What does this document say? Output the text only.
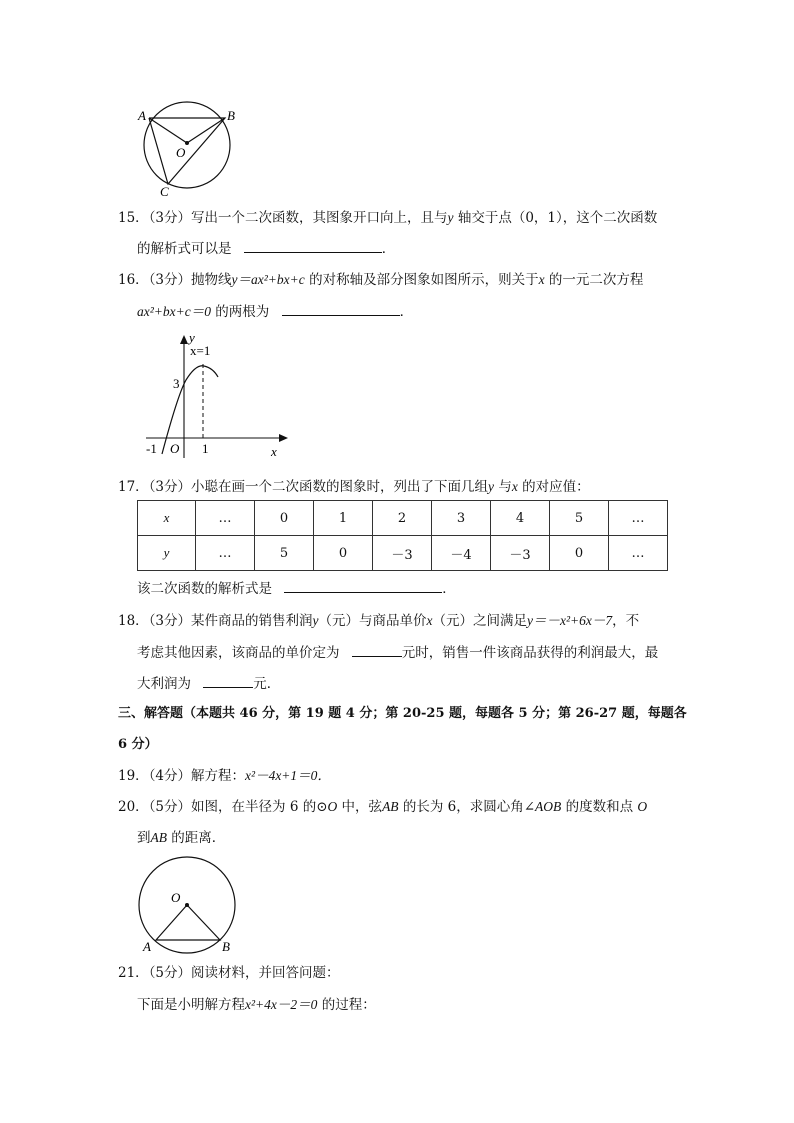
A	B
O
C
15．（3分）写出一个二次函数，其图象开口向上，且与y 轴交于点（0，1），这个二次函数
的解析式可以是	．
16．（3分）抛物线y＝ax²+bx+c 的对称轴及部分图象如图所示，则关于x 的一元二次方程
ax²+bx+c＝0 的两根为	．
y
x=1
3
-1 O 1	x
17．（3分）小聪在画一个二次函数的图象时，列出了下面几组y 与x 的对应值：
x	…	0	1	2	3	4	5	…
y	…	5	0	－3	－4	－3	0	…
该二次函数的解析式是	．
18．（3分）某件商品的销售利润y（元）与商品单价x（元）之间满足y＝－x²+6x－7，不
考虑其他因素，该商品的单价定为	元时，销售一件该商品获得的利润最大，最
大利润为	元．
三、解答题（本题共 46 分，第 19 题 4 分；第 20-25 题，每题各 5 分；第 26-27 题，每题各
6 分）
19．（4分）解方程：x²－4x+1＝0．
20．（5分）如图，在半径为 6 的⊙O 中，弦AB 的长为 6，求圆心角∠AOB 的度数和点 O
到AB 的距离．
O
A	B
21．（5分）阅读材料，并回答问题：
下面是小明解方程x²+4x－2＝0 的过程：
